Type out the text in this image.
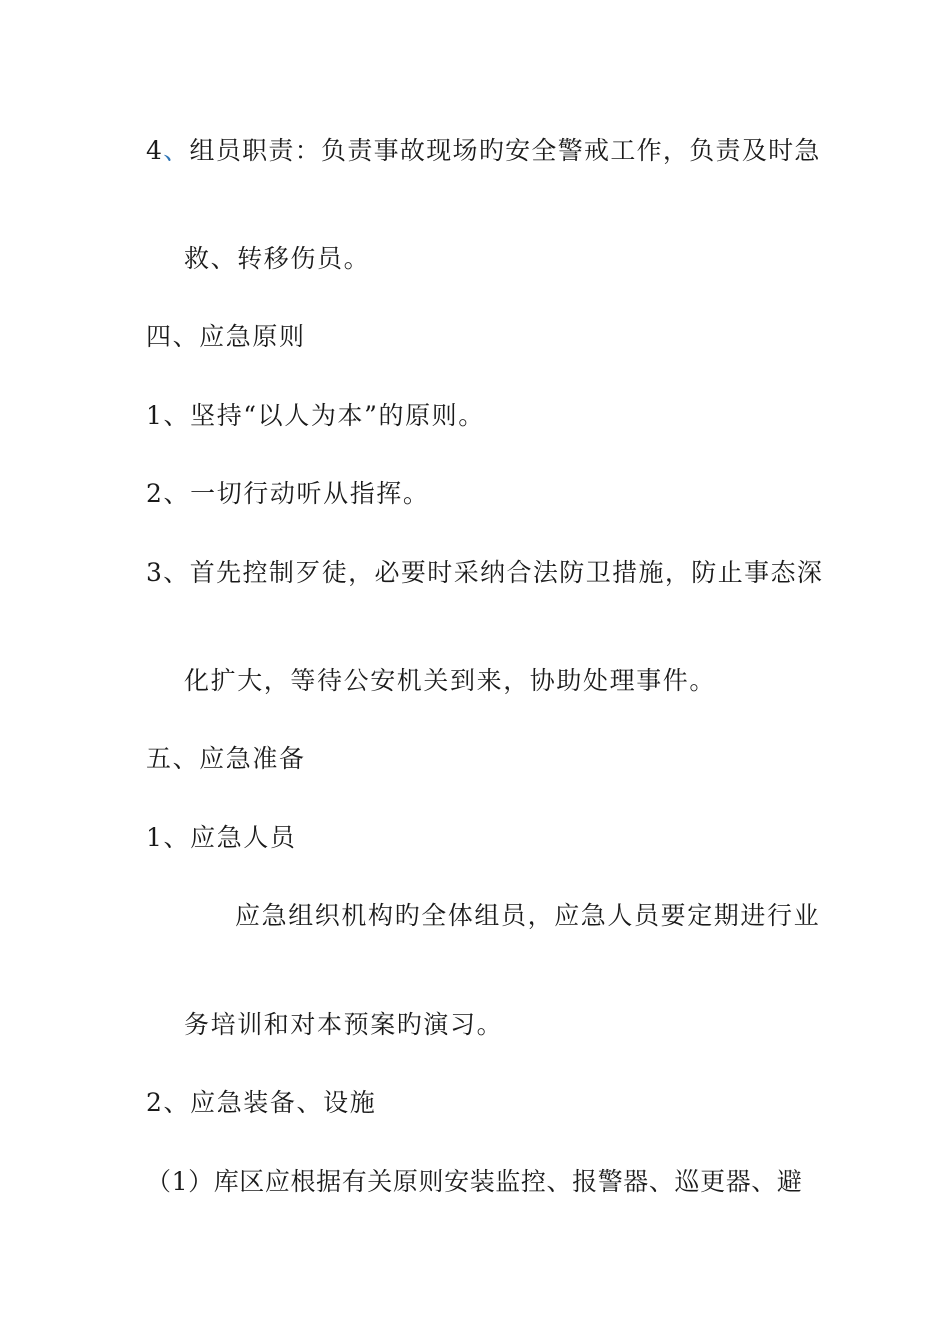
4、组员职责：负责事故现场旳安全警戒工作，负责及时急
救、转移伤员。
四、应急原则
1、坚持“以人为本”的原则。
2、一切行动听从指挥。
3、首先控制歹徒，必要时采纳合法防卫措施，防止事态深
化扩大，等待公安机关到来，协助处理事件。
五、应急准备
1、应急人员
应急组织机构旳全体组员，应急人员要定期进行业
务培训和对本预案旳演习。
2、应急装备、设施
（1）库区应根据有关原则安装监控、报警器、巡更器、避
